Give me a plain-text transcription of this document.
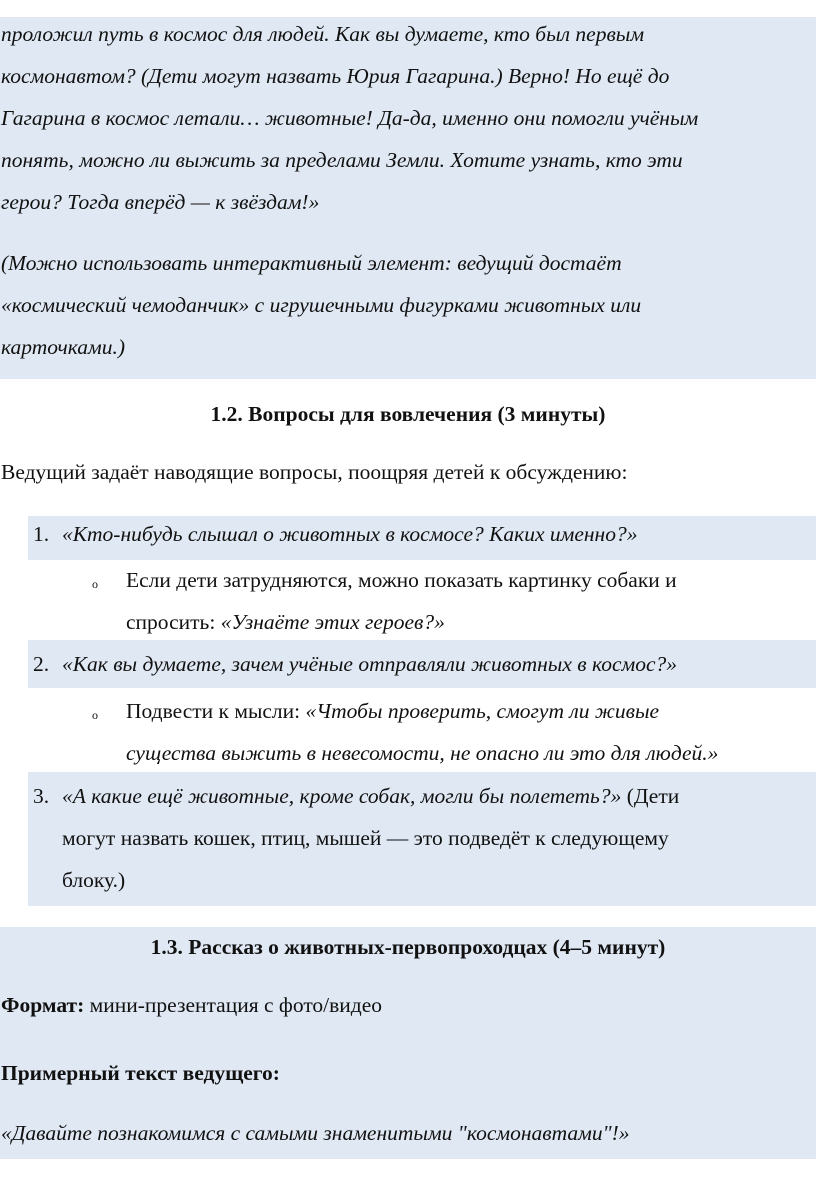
проложил путь в космос для людей. Как вы думаете, кто был первым
космонавтом? (Дети могут назвать Юрия Гагарина.) Верно! Но ещё до
Гагарина в космос летали… животные! Да-да, именно они помогли учёным
понять, можно ли выжить за пределами Земли. Хотите узнать, кто эти
герои? Тогда вперёд — к звёздам!»
(Можно использовать интерактивный элемент: ведущий достаёт
«космический чемоданчик» с игрушечными фигурками животных или
карточками.)
1.2. Вопросы для вовлечения (3 минуты)
Ведущий задаёт наводящие вопросы, поощряя детей к обсуждению:
1. «Кто-нибудь слышал о животных в космосе? Каких именно?»
o Если дети затрудняются, можно показать картинку собаки и
спросить: «Узнаёте этих героев?»
2. «Как вы думаете, зачем учёные отправляли животных в космос?»
o Подвести к мысли: «Чтобы проверить, смогут ли живые
существа выжить в невесомости, не опасно ли это для людей.»
3. «А какие ещё животные, кроме собак, могли бы полететь?» (Дети
могут назвать кошек, птиц, мышей — это подведёт к следующему
блоку.)
1.3. Рассказ о животных-первопроходцах (4–5 минут)
Формат: мини-презентация с фото/видео
Примерный текст ведущего:
«Давайте познакомимся с самыми знаменитыми "космонавтами"!»
